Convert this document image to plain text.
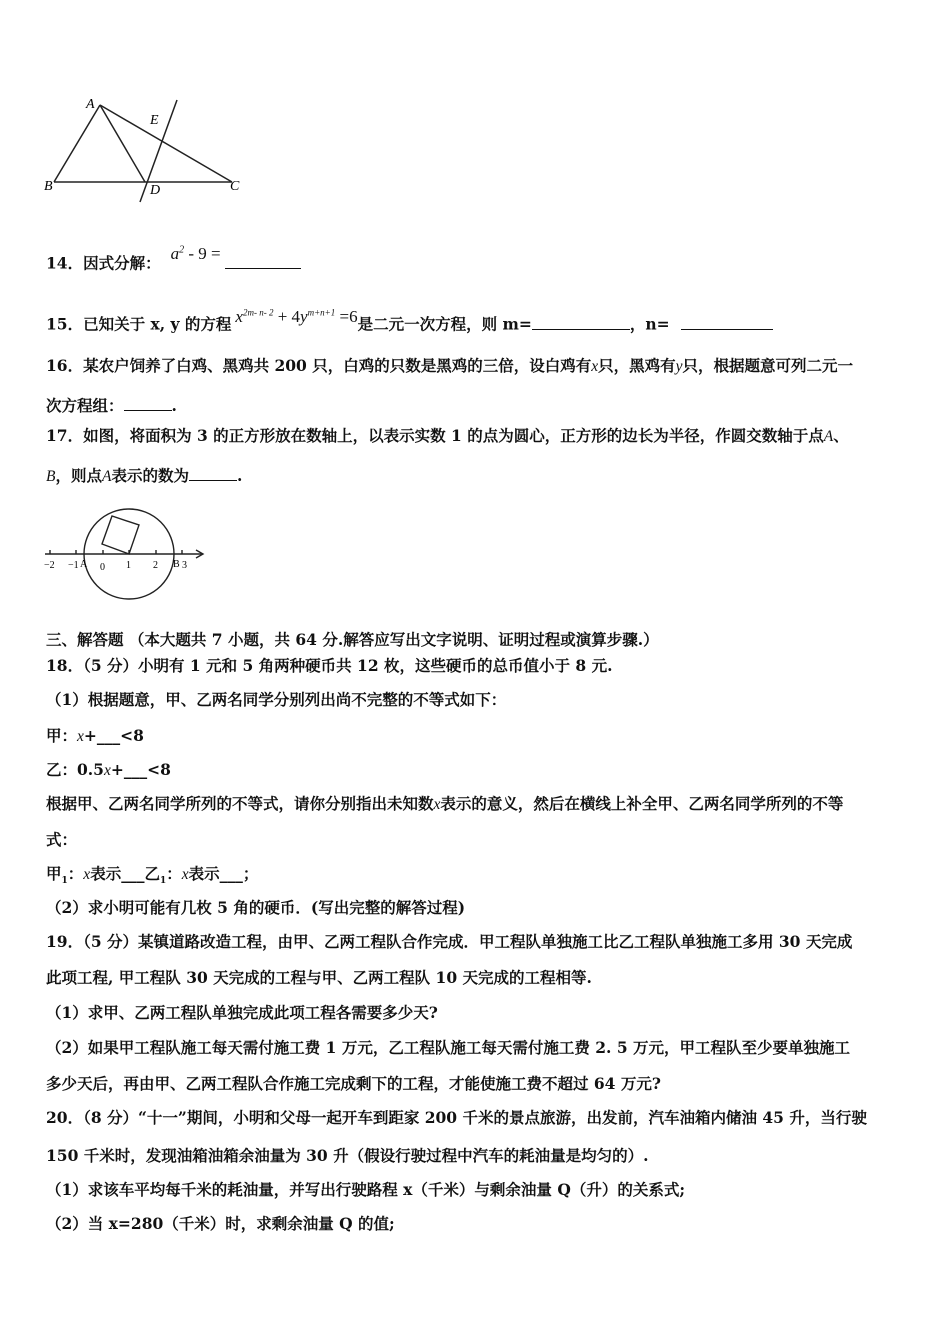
A
E
B	D	C
14．因式分解：$a^2 - 9$ =
15．已知关于 x, y 的方程 $x^{2m- n- 2} + 4y^{m+n+1} =6$是二元一次方程，则 m=	，n=
16．某农户饲养了白鸡、黑鸡共 200 只，白鸡的只数是黑鸡的三倍，设白鸡有x只，黑鸡有y只，根据题意可列二元一
次方程组：	.
17．如图，将面积为 3 的正方形放在数轴上，以表示实数 1 的点为圆心，正方形的边长为半径，作圆交数轴于点A、
B，则点A表示的数为	.
−2 −1 A 0 1 2 B 3
三、解答题 （本大题共 7 小题，共 64 分.解答应写出文字说明、证明过程或演算步骤.）
18．（5 分）小明有 1 元和 5 角两种硬币共 12 枚，这些硬币的总币值小于 8 元.
（1）根据题意，甲、乙两名同学分别列出尚不完整的不等式如下：
甲：x+___<8
乙：0.5x+___<8
根据甲、乙两名同学所列的不等式，请你分别指出未知数x表示的意义，然后在横线上补全甲、乙两名同学所列的不等
式：
甲$_1$：x表示___乙$_1$：x表示___；
（2）求小明可能有几枚 5 角的硬币．(写出完整的解答过程)
19．（5 分）某镇道路改造工程，由甲、乙两工程队合作完成．甲工程队单独施工比乙工程队单独施工多用 30 天完成
此项工程, 甲工程队 30 天完成的工程与甲、乙两工程队 10 天完成的工程相等.
（1）求甲、乙两工程队单独完成此项工程各需要多少天?
（2）如果甲工程队施工每天需付施工费 1 万元，乙工程队施工每天需付施工费 2. 5 万元，甲工程队至少要单独施工
多少天后，再由甲、乙两工程队合作施工完成剩下的工程，才能使施工费不超过 64 万元?
20．（8 分）“十一”期间，小明和父母一起开车到距家 200 千米的景点旅游，出发前，汽车油箱内储油 45 升，当行驶
150 千米时，发现油箱油箱余油量为 30 升（假设行驶过程中汽车的耗油量是均匀的）.
（1）求该车平均每千米的耗油量，并写出行驶路程 x（千米）与剩余油量 Q（升）的关系式;
（2）当 x=280（千米）时，求剩余油量 Q 的值;
